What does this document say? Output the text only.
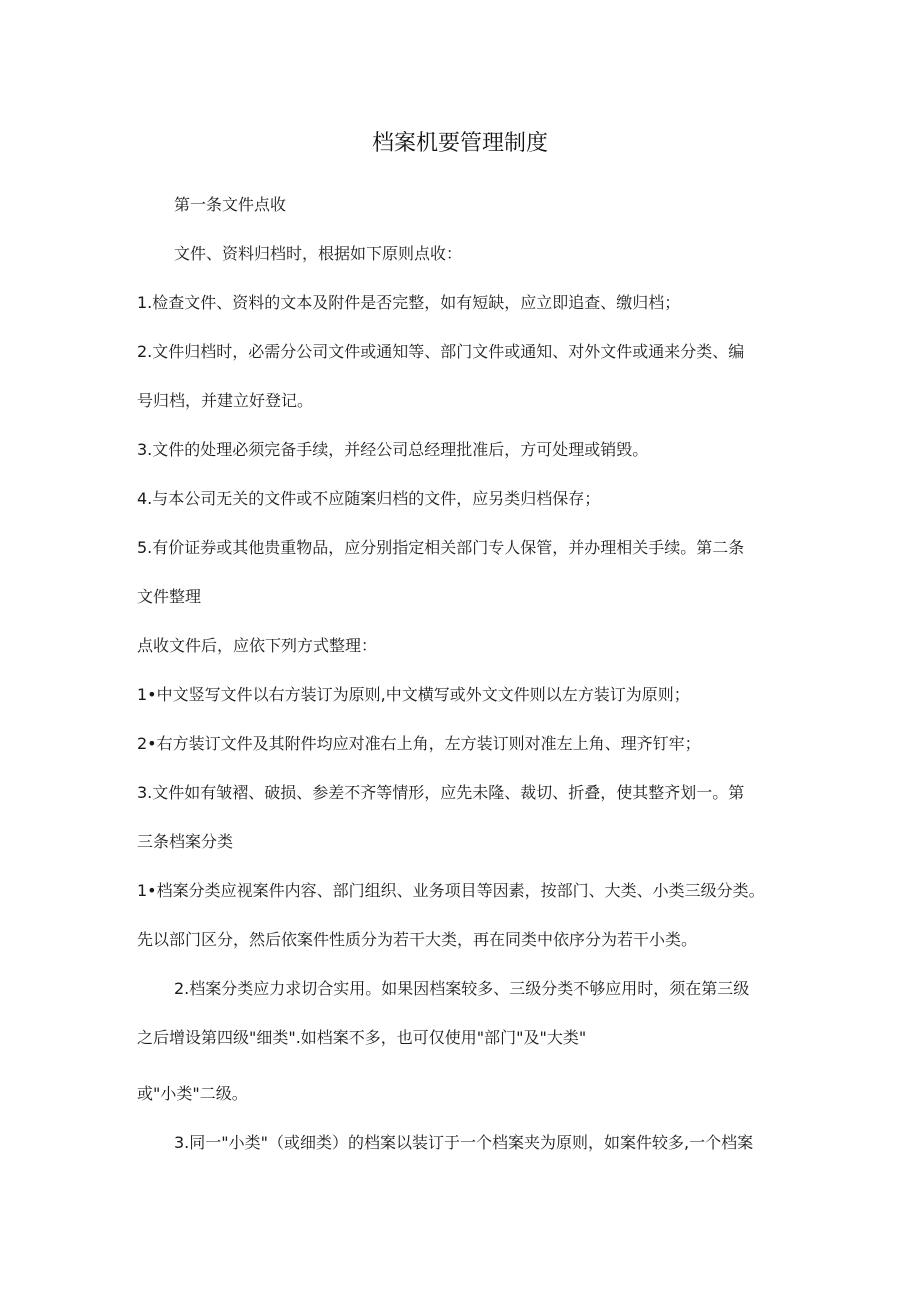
档案机要管理制度
第一条文件点收
文件、资料归档时，根据如下原则点收：
1.检查文件、资料的文本及附件是否完整，如有短缺，应立即追查、缴归档；
2.文件归档时，必需分公司文件或通知等、部门文件或通知、对外文件或通来分类、编
号归档，并建立好登记。
3.文件的处理必须完备手续，并经公司总经理批准后，方可处理或销毁。
4.与本公司无关的文件或不应随案归档的文件，应另类归档保存；
5.有价证券或其他贵重物品，应分别指定相关部门专人保管，并办理相关手续。第二条
文件整理
点收文件后，应依下列方式整理：
1•中文竖写文件以右方装订为原则,中文横写或外文文件则以左方装订为原则；
2•右方装订文件及其附件均应对准右上角，左方装订则对准左上角、理齐钉牢；
3.文件如有皱褶、破损、参差不齐等情形，应先未隆、裁切、折叠，使其整齐划一。第
三条档案分类
1•档案分类应视案件内容、部门组织、业务项目等因素，按部门、大类、小类三级分类。
先以部门区分，然后依案件性质分为若干大类，再在同类中依序分为若干小类。
2.档案分类应力求切合实用。如果因档案较多、三级分类不够应用时，须在第三级
之后增设第四级"细类".如档案不多，也可仅使用"部门"及"大类"
或"小类"二级。
3.同一"小类"（或细类）的档案以装订于一个档案夹为原则，如案件较多,一个档案
